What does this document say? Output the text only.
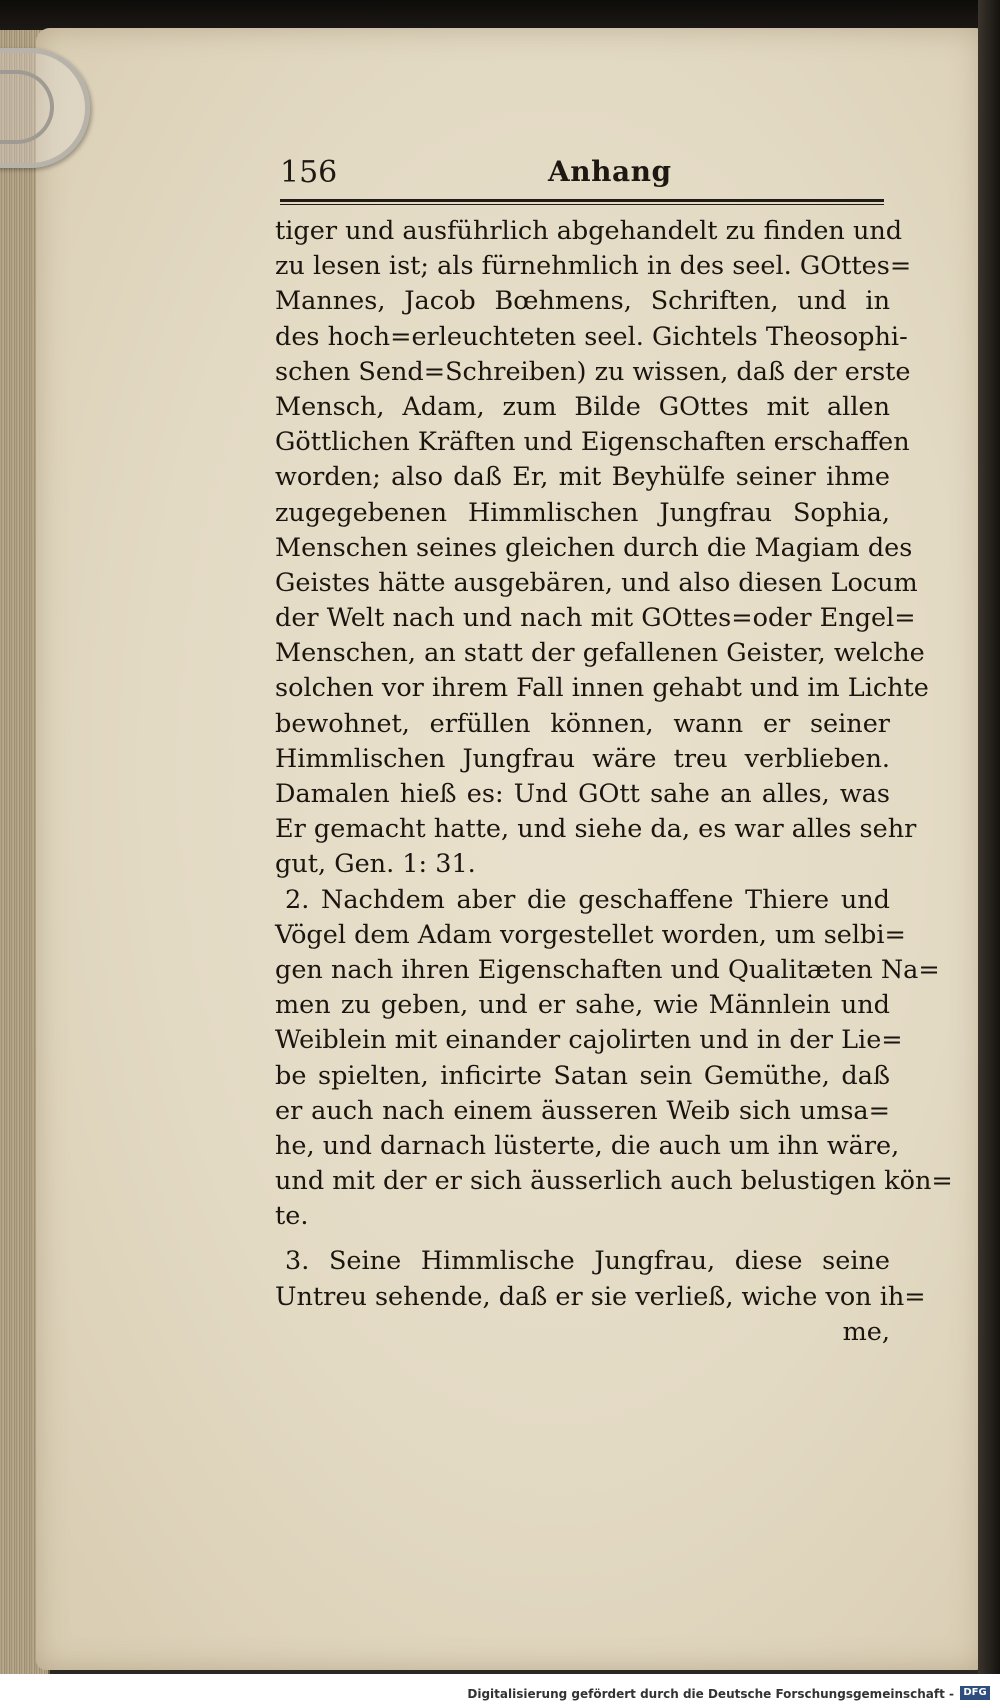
156	Anhang
tiger und ausführlich abgehandelt zu finden und
zu lesen ist; als fürnehmlich in des seel. GOttes=
Mannes, Jacob Bœhmens, Schriften, und in
des hoch=erleuchteten seel. Gichtels Theosophi-
schen Send=Schreiben) zu wissen, daß der erste
Mensch, Adam, zum Bilde GOttes mit allen
Göttlichen Kräften und Eigenschaften erschaffen
worden; also daß Er, mit Beyhülfe seiner ihme
zugegebenen Himmlischen Jungfrau Sophia,
Menschen seines gleichen durch die Magiam des
Geistes hätte ausgebären, und also diesen Locum
der Welt nach und nach mit GOttes=oder Engel=
Menschen, an statt der gefallenen Geister, welche
solchen vor ihrem Fall innen gehabt und im Lichte
bewohnet, erfüllen können, wann er seiner
Himmlischen Jungfrau wäre treu verblieben.
Damalen hieß es: Und GOtt sahe an alles, was
Er gemacht hatte, und siehe da, es war alles sehr
gut, Gen. 1: 31.
2. Nachdem aber die geschaffene Thiere und
Vögel dem Adam vorgestellet worden, um selbi=
gen nach ihren Eigenschaften und Qualitæten Na=
men zu geben, und er sahe, wie Männlein und
Weiblein mit einander cajolirten und in der Lie=
be spielten, inficirte Satan sein Gemüthe, daß
er auch nach einem äusseren Weib sich umsa=
he, und darnach lüsterte, die auch um ihn wäre,
und mit der er sich äusserlich auch belustigen kön=
te.
3. Seine Himmlische Jungfrau, diese seine
Untreu sehende, daß er sie verließ, wiche von ih=
me,
Digitalisierung gefördert durch die Deutsche Forschungsgemeinschaft - DFG
